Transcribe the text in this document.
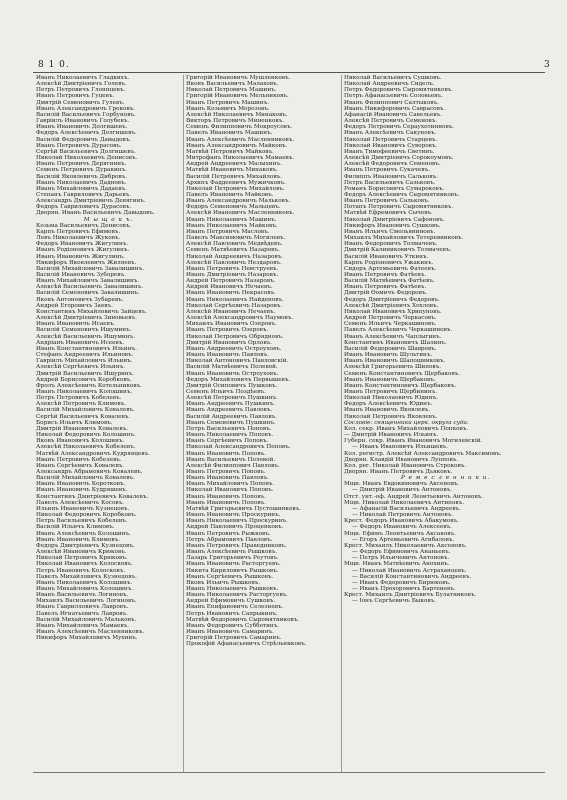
8 1 0.	3
Иванъ Николаевичъ Гладкихъ.
Алексѣй Дмитріевичъ Голевъ.
Петръ Петровичъ Глоннцевъ.
Иванъ Петровичъ Гуцевъ.
Дмитрій Семеновичъ Гулевъ.
Иванъ Александровичъ Грековъ.
Василій Васильевичъ Горбуновъ.
Гавріилъ Ивановичъ Голубевъ.
Иванъ Ивановичъ Долгишевъ.
Федоръ Алексѣевичъ Долгишевъ.
Василій Федоровичъ Давыдовъ.
Иванъ Петровичъ Дурасовъ.
Сергѣй Васильевичъ Долгишевъ.
Николай Николаевичъ Денисовъ.
Иванъ Петровичъ Дерягиннъ.
Семенъ Петровичъ Дуракинъ.
Василій Яковлевичъ Дибровъ.
Иванъ Николаевичъ Дадновъ.
Иванъ Михайловичъ Дадаевъ.
Степанъ Гавриловичъ Дарьевъ.
Александръ Дмитріевичъ Девягинъ.
Федоръ Гавриловичъ Дурасовъ.
Дворян. Иванъ Васильевичъ Давыдовъ.
М ы щ о к ъ.
Козьма Васильевичъ Денисовъ.
Карпъ Петровичъ Ефимовъ.
Левъ Николаевичъ Жуковъ.
Федоръ Ивановичъ Жигулинъ.
Иванъ Родіоновичъ Жигулинъ.
Иванъ Ивановичъ Жигулинъ.
Никифоръ Яковлевичъ Жиляевъ.
Василій Михайловичъ Завалишинъ.
Василій Ивановичъ Зуборевъ.
Иванъ Михайловичъ Завалишинъ.
Алексѣй Васильевичъ Завалишинъ.
Василій Семеновичъ Завалишинъ.
Яковъ Антоновичъ Зубаревъ.
Андрей Егоровичъ Заевъ.
Константинъ Михайловичъ Зайцевъ.
Алексѣй Дмитріевичъ Зиновьевъ.
Иванъ Ивановичъ Исаевъ.
Василій Семеновичъ Ишуминъ.
Алексѣй Васильевичъ Ишуминъ.
Андріанъ Ивановичъ Исеевъ.
Иванъ Константиновичъ Ильинъ.
Стефанъ Андреевичъ Ильиновъ.
Гавріилъ Михайловичъ Ильинъ.
Алексѣй Сергѣевичъ Ильинъ.
Дмитрій Васильевичъ Ишуринъ.
Андрей Борисовичъ Коробковъ.
Фролъ Алексѣевичъ Котельниковъ.
Иванъ Николаевичъ Колошинъ.
Петръ Петровичъ Кобелевъ.
Алексѣй Петровичъ Климовъ.
Василій Михайловичъ Ковалевъ.
Сергѣй Васильевичъ Ковалевъ.
Борисъ Ильичъ Климовъ.
Дмитрій Ивановичъ Ковалевъ.
Николай Федоровичъ Колошинъ.
Яковъ Ивановичъ Колошинъ.
Алексѣй Николаевичъ Кобелевъ.
Матвѣй Александровичъ Кудрявцевъ.
Иванъ Петровичъ Кобелевъ.
Иванъ Сергѣевичъ Ковалевъ.
Александръ Абрамовичъ Ковалевъ.
Василій Михайловичъ Ковалевъ.
Иванъ Ивановичъ Коротковъ.
Иванъ Ивановичъ Кудряшевъ.
Константинъ Дмитріевичъ Ковалевъ.
Павелъ Алексѣевичъ Косовъ.
Ильинъ Ивановичъ Кузнецовъ.
Николай Федоровичъ Коробковъ.
Петръ Васильевичъ Кобелевъ.
Василій Ильичъ Климовъ.
Иванъ Алексѣевичъ Колошинъ.
Иванъ Ивановичъ Климовъ.
Федоръ Дмитріевичъ Кузнецовъ.
Алексѣй Ивановичъ Крюковъ.
Николай Петровичъ Крюковъ.
Николай Ивановичъ Колосковъ.
Петръ Ивановичъ Колосковъ.
Павелъ Михайловичъ Кузнецовъ.
Иванъ Николаевичъ Колошинъ.
Иванъ Михайловичъ Колошинъ.
Иванъ Васильевичъ Логиновъ.
Михаилъ Васильевичъ Логиновъ.
Иванъ Гаврилловичъ Лавровъ.
Павелъ Игнатьевичъ Лавровъ.
Василій Михайловичъ Мальковъ.
Иванъ Михайловичъ Мамаевъ.
Иванъ Алексѣевичъ Масленниковъ.
Никифоръ Михайловичъ Мухинъ.
Григорій Ивановичъ Мушленковъ.
Яковъ Васильевичъ Малаховъ.
Николай Петровичъ Машинъ.
Григорій Ивановичъ Мельниковъ.
Иванъ Петровичъ Машинъ.
Иванъ Козьмичъ Морозовъ.
Алексѣй Николаевичъ Минаковъ.
Викторъ Петровичъ Миненковъ.
Семенъ Филипповичъ Мокроусовъ.
Павелъ Ивановичъ Машинъ.
Иванъ Алексѣевичъ Масленниковъ.
Иванъ Александровичъ Майковъ.
Матвѣй Петровичъ Майковъ.
Митрофанъ Николаевичъ Мамаевъ.
Андрей Андреевичъ Малыхинъ.
Матвѣй Ивановичъ Минаковъ.
Василій Петровичъ Михайловъ.
Архипъ Фаддеевичъ Мужичковъ.
Николай Петровичъ Михайловъ.
Павелъ Ивановичъ Майковъ.
Иванъ Александровичъ Мальковъ.
Федоръ Семеновичъ Мальцевъ.
Алексѣй Ивановичъ Масленниковъ.
Иванъ Николаевичъ Машинъ.
Иванъ Николаевичъ Майковъ.
Иванъ Петровичъ Масловъ.
Павелъ Максимовичъ Могилевъ.
Алексѣй Павловичъ Медвѣдевъ.
Семенъ Матвѣевичъ Назаровъ.
Николай Андреевичъ Назаровъ.
Алексѣй Павловичъ Нездаровъ.
Иванъ Петровичъ Невструевъ.
Иванъ Дмитріевичъ Назаровъ.
Андрей Петровичъ Назаровъ.
Андрей Ивановичъ Нечаевъ.
Иванъ Ивановичъ Некрасовъ.
Иванъ Николаевичъ Найденовъ.
Николай Сергѣевичъ Назаровъ.
Алексѣй Ивановичъ Нечаевъ.
Алексѣй Александровичъ Наумовъ.
Михаилъ Ивановичъ Озеровъ.
Иванъ Петровичъ Озеровъ.
Николай Петровичъ Обрядновъ.
Дмитрій Ивановичъ Орловъ.
Иванъ Андреевичъ Остроуховъ.
Иванъ Ивановичъ Павловъ.
Николай Антоновичъ Павловскій.
Василій Матвѣевичъ Полевой.
Иванъ Ивановичъ Остроуховъ.
Федоръ Михайловичъ Первышевъ.
Дмитрій Осиповичъ Пушковъ.
Семенъ Ильичъ Поздѣевъ.
Алексѣй Петровичъ Пушкинъ.
Иванъ Андреевичъ Пушкинъ.
Иванъ Андреевичъ Павловъ.
Василій Андреевичъ Павловъ.
Иванъ Семеновичъ Пушкинъ.
Петръ Васильевичъ Поповъ.
Иванъ Николаевичъ Поповъ.
Иванъ Сергѣевичъ Поповъ.
Николай Александровичъ Поповъ.
Иванъ Ивановичъ Поповъ.
Иванъ Васильевичъ Полевой.
Алексѣй Филиппович Павловъ.
Иванъ Петровичъ Поповъ.
Иванъ Ивановичъ Павловъ.
Иванъ Михайловичъ Поповъ.
Николай Ивановичъ Поповъ.
Иванъ Ивановичъ Поповъ.
Иванъ Ивановичъ Поповъ.
Матвѣй Григорьевичъ Пустошинковъ.
Иванъ Ивановичъ Проскуринъ.
Иванъ Николаевичъ Проскуринъ.
Андрей Павловичъ Проценковъ.
Иванъ Петровичъ Рыжковъ.
Петръ Абрамовичъ Павловъ.
Иванъ Петровичъ Праведниковъ.
Иванъ Алексѣевичъ Рышковъ.
Лазарь Григорьевичъ Реутовъ.
Иванъ Ивановичъ Расторгуевъ.
Никита Кириловичъ Рышковъ.
Иванъ Сергѣевичъ Рышковъ.
Яковъ Ильичъ Рышковъ.
Иванъ Николаевичъ Рышковъ.
Иванъ Николаевичъ Расторгуевъ.
Андрей Ефимовичъ Сушковъ.
Иванъ Епифановичъ Селезневъ.
Петръ Ивановичъ Сапрыкинъ.
Матвѣй Федоровичъ Сыромятниковъ.
Иванъ Федоровичъ Субботинъ.
Иванъ Ивановичъ Самаринъ.
Григорій Петровичъ Самаринъ.
Прокофій Афанасьевичъ Стрѣльниковъ.
Николай Васильевичъ Сушковъ.
Николай Андреевичъ Сиделъ.
Петръ Федоровичъ Сыромятниковъ.
Петръ Афанасьевичъ Соловьевъ.
Иванъ Филиппович Салтыковъ.
Иванъ Никифоровичъ Саврасовъ.
Афанасій Ивановичъ Савельевъ.
Алексѣй Петровичъ Семеновъ.
Федоръ Петровичъ Сераухотинновъ.
Иванъ Алексѣевичъ Сакуновъ.
Николай Петровичъ Старцевъ.
Николай Ивановичъ Суворовъ.
Иванъ Тимофеевичъ Светинъ.
Алексѣй Дмитріевичъ Сорокоумовъ.
Алексѣй Федоровичъ Семеновъ.
Иванъ Петровичъ Сукачевъ.
Филиппъ Ивановичъ Сальковъ.
Петръ Васильевичъ Сальковъ.
Романъ Борисовичъ Сумароковъ.
Федоръ Алексѣевичъ Сыромятниковъ.
Иванъ Петровичъ Сальковъ.
Потапъ Петровичъ Сыромятниковъ.
Матвѣй Ефремовичъ Сычевъ.
Николай Дмитріевичъ Сафоновъ.
Никифоръ Ивановичъ Сушковъ.
Иванъ Ильичъ Смольяниновъ.
Михаилъ Михайловичъ Тетеревниковъ.
Иванъ Федоровичъ Толмачевъ.
Дмитрій Калиниковичъ Толмачевъ.
Василій Ивановичъ Уткинъ.
Карпъ Родіоновичъ Ужакинъ.
Сидоръ Артемьевичъ Фатеевъ.
Иванъ Петровичъ Фатѣевъ.
Василій Матвѣевичъ Фатѣевъ.
Иванъ Петровичъ Фатѣевъ.
Дмитрій Ѳомичъ Федоровъ.
Федоръ Дмитріевичъ Федоровъ.
Алексѣй Дмитріевичъ Хохловъ.
Николай Ивановичъ Хрипуновъ.
Андрей Петровичъ Черкасовъ.
Семенъ Ильичъ Черкашиновъ.
Павелъ Алексѣевичъ Черкашиновъ.
Иванъ Алексѣевичъ Чаплыгинъ.
Константинъ Ивановичъ Шалинъ.
Василій Федоровичъ Шавровъ.
Иванъ Ивановичъ Шульгинъ.
Иванъ Ивановичъ Шапошниковъ.
Алексѣй Григорьевичъ Шиповъ.
Семенъ Константиновичъ Щербаковъ.
Иванъ Ивановичъ Щербаковъ.
Иванъ Константиновичъ Щербаковъ.
Иванъ Петровичъ Щербининъ.
Николай Николаевичъ Юдинъ.
Федоръ Алексѣевичъ Юдинъ.
Иванъ Ивановичъ Яковлевъ.
Николай Петровичъ Яковлевъ.
Сословіе: священники церк. округа суда.
Кол. секр. Иванъ Михайловичъ Попковъ.
— Дмитрій Ивановичъ Ильинъ.
Губерн. секр. Иванъ Ивановичъ Могилевскій.
— Иванъ Ивановичъ Ильишевъ.
Кол. регистр. Алексѣй Александровичъ Максимовъ.
Дворян. Клавдій Ивановичъ Лупповъ.
Кол. рег. Николай Ивановичъ Строковъ.
Дворян. Иванъ Петровичъ Дьяковъ.
Р е м е с л е н н и к и.
Мщн. Иванъ Евдокимовичъ Аксеновъ.
— Дмитрій Ивановичъ Антоновъ.
Отст. унт.-оф. Андрей Леонтьевичъ Антоновъ.
Мщн. Николай Николаевичъ Антиповъ.
— Афанасій Васильевичъ Андреевъ.
— Николай Петровичъ Антоновъ.
Крест. Федоръ Ивановичъ Абакумовъ.
— Федоръ Ивановичъ Алексеевъ.
Мщн. Ефимъ Леонтьевичъ Аксаковъ.
— Егоръ Артемьевичъ Агибаловъ.
Крест. Михаилъ Николаевичъ Аксеновъ.
— Федоръ Ефимовичъ Ананьевъ.
— Петръ Ильичевичъ Антоновъ.
Мщн. Иванъ Матвѣевичъ Анохинъ.
— Николай Ивановичъ Астраханцевъ.
— Василій Константиновичъ Андреевъ.
— Иванъ Федоровичъ Бирюковъ.
— Иванъ Прохоровичъ Бартеневъ.
Крест. Михаилъ Дмитріевичъ Булатниковъ.
— Іонъ Сергѣевичъ Быковъ.
